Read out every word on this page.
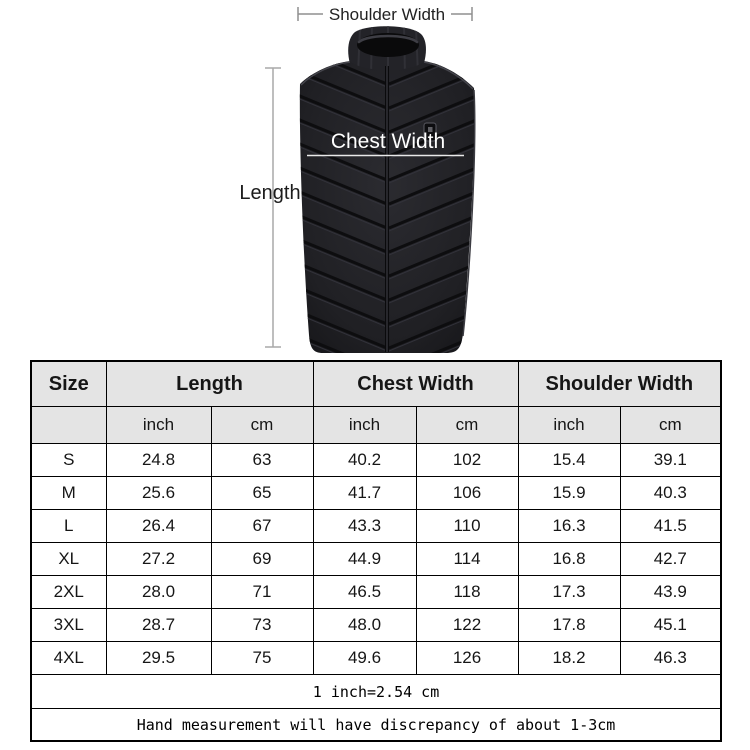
Shoulder Width
Chest Width
Length
Size	Length		Chest Width		Shoulder Width	
	inch	cm	inch	cm	inch	cm
S	24.8	63	40.2	102	15.4	39.1
M	25.6	65	41.7	106	15.9	40.3
L	26.4	67	43.3	110	16.3	41.5
XL	27.2	69	44.9	114	16.8	42.7
2XL	28.0	71	46.5	118	17.3	43.9
3XL	28.7	73	48.0	122	17.8	45.1
4XL	29.5	75	49.6	126	18.2	46.3
1 inch=2.54 cm						
Hand measurement will have discrepancy of about 1-3cm						
